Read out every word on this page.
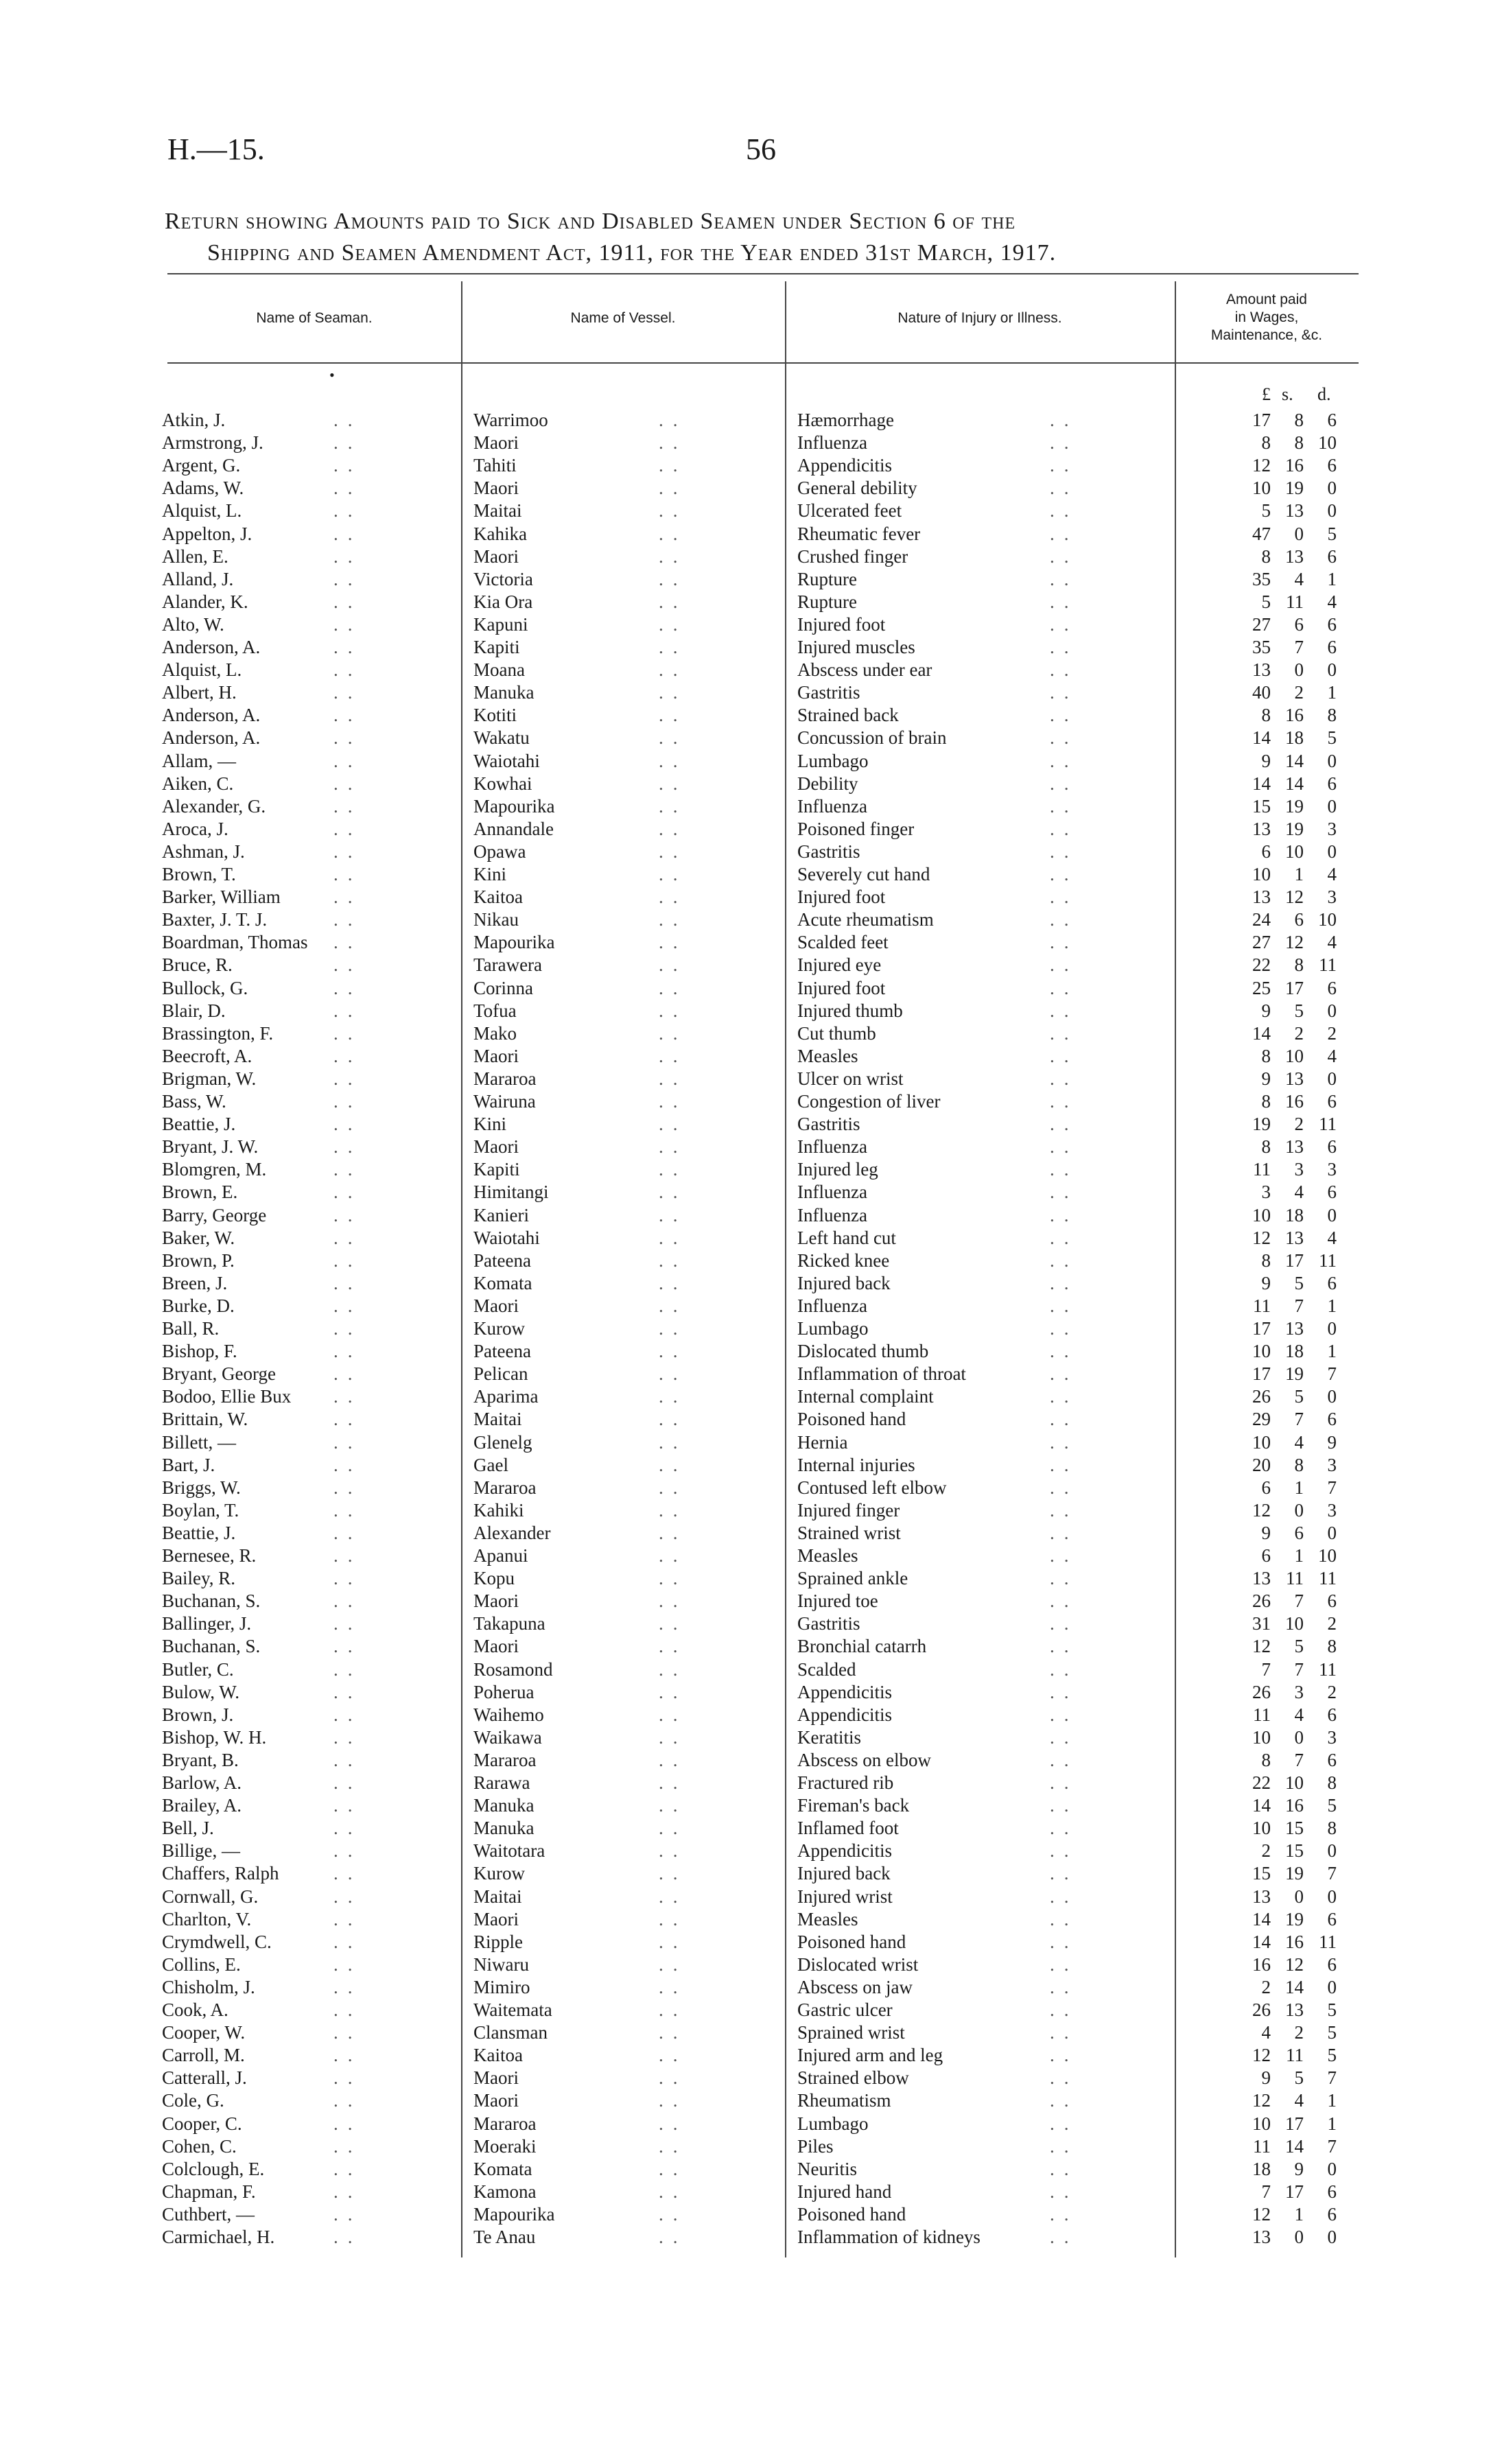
H.—15.	56
Return showing Amounts paid to Sick and Disabled Seamen under Section 6 of the
Shipping and Seamen Amendment Act, 1911, for the Year ended 31st March, 1917.
Name of Seaman.	Name of Vessel.	Nature of Injury or Illness.
Amount paid
in Wages,
Maintenance, &c.
•
£ s. d.
Atkin, J.	..	Warrimoo	..	Hæmorrhage	..	17	8	6
Armstrong, J.	..	Maori	..	Influenza	..	8	8 10
Argent, G.	..	Tahiti	..	Appendicitis	..	12 16	6
Adams, W.	..	Maori	..	General debility	..	10 19	0
Alquist, L.	..	Maitai	..	Ulcerated feet	..	5 13	0
Appelton, J.	..	Kahika	..	Rheumatic fever	..	47	0	5
Allen, E.	..	Maori	..	Crushed finger	..	8 13	6
Alland, J.	..	Victoria	..	Rupture	..	35	4	1
Alander, K.	..	Kia Ora	..	Rupture	..	5 11	4
Alto, W.	..	Kapuni	..	Injured foot	..	27	6	6
Anderson, A.	..	Kapiti	..	Injured muscles	..	35	7	6
Alquist, L.	..	Moana	..	Abscess under ear	..	13	0	0
Albert, H.	..	Manuka	..	Gastritis	..	40	2	1
Anderson, A.	..	Kotiti	..	Strained back	..	8 16	8
Anderson, A.	..	Wakatu	..	Concussion of brain	..	14 18	5
Allam, —	..	Waiotahi	..	Lumbago	..	9 14	0
Aiken, C.	..	Kowhai	..	Debility	..	14 14	6
Alexander, G.	..	Mapourika	..	Influenza	..	15 19	0
Aroca, J.	..	Annandale	..	Poisoned finger	..	13 19	3
Ashman, J.	..	Opawa	..	Gastritis	..	6 10	0
Brown, T.	..	Kini	..	Severely cut hand	..	10	1	4
Barker, William	..	Kaitoa	..	Injured foot	..	13 12	3
Baxter, J. T. J.	..	Nikau	..	Acute rheumatism	..	24	6 10
Boardman, Thomas ..	Mapourika	..	Scalded feet	..	27 12	4
Bruce, R.	..	Tarawera	..	Injured eye	..	22	8 11
Bullock, G.	..	Corinna	..	Injured foot	..	25 17	6
Blair, D.	..	Tofua	..	Injured thumb	..	9	5	0
Brassington, F.	..	Mako	..	Cut thumb	..	14	2	2
Beecroft, A.	..	Maori	..	Measles	..	8 10	4
Brigman, W.	..	Mararoa	..	Ulcer on wrist	..	9 13	0
Bass, W.	..	Wairuna	..	Congestion of liver	..	8 16	6
Beattie, J.	..	Kini	..	Gastritis	..	19	2 11
Bryant, J. W.	..	Maori	..	Influenza	..	8 13	6
Blomgren, M.	..	Kapiti	..	Injured leg	..	11	3	3
Brown, E.	..	Himitangi	..	Influenza	..	3	4	6
Barry, George	..	Kanieri	..	Influenza	..	10 18	0
Baker, W.	..	Waiotahi	..	Left hand cut	..	12 13	4
Brown, P.	..	Pateena	..	Ricked knee	..	8 17 11
Breen, J.	..	Komata	..	Injured back	..	9	5	6
Burke, D.	..	Maori	..	Influenza	..	11	7	1
Ball, R.	..	Kurow	..	Lumbago	..	17 13	0
Bishop, F.	..	Pateena	..	Dislocated thumb	..	10 18	1
Bryant, George	..	Pelican	..	Inflammation of throat	..	17 19	7
Bodoo, Ellie Bux ..	Aparima	..	Internal complaint	..	26	5	0
Brittain, W.	..	Maitai	..	Poisoned hand	..	29	7	6
Billett, —	..	Glenelg	..	Hernia	..	10	4	9
Bart, J.	..	Gael	..	Internal injuries	..	20	8	3
Briggs, W.	..	Mararoa	..	Contused left elbow	..	6	1	7
Boylan, T.	..	Kahiki	..	Injured finger	..	12	0	3
Beattie, J.	..	Alexander	..	Strained wrist	..	9	6	0
Bernesee, R.	..	Apanui	..	Measles	..	6	1 10
Bailey, R.	..	Kopu	..	Sprained ankle	..	13 11 11
Buchanan, S.	..	Maori	..	Injured toe	..	26	7	6
Ballinger, J.	..	Takapuna	..	Gastritis	..	31 10	2
Buchanan, S.	..	Maori	..	Bronchial catarrh	..	12	5	8
Butler, C.	..	Rosamond	..	Scalded	..	7	7 11
Bulow, W.	..	Poherua	..	Appendicitis	..	26	3	2
Brown, J.	..	Waihemo	..	Appendicitis	..	11	4	6
Bishop, W. H.	..	Waikawa	..	Keratitis	..	10	0	3
Bryant, B.	..	Mararoa	..	Abscess on elbow	..	8	7	6
Barlow, A.	..	Rarawa	..	Fractured rib	..	22 10	8
Brailey, A.	..	Manuka	..	Fireman's back	..	14 16	5
Bell, J.	..	Manuka	..	Inflamed foot	..	10 15	8
Billige, —	..	Waitotara	..	Appendicitis	..	2 15	0
Chaffers, Ralph	..	Kurow	..	Injured back	..	15 19	7
Cornwall, G.	..	Maitai	..	Injured wrist	..	13	0	0
Charlton, V.	..	Maori	..	Measles	..	14 19	6
Crymdwell, C.	..	Ripple	..	Poisoned hand	..	14 16 11
Collins, E.	..	Niwaru	..	Dislocated wrist	..	16 12	6
Chisholm, J.	..	Mimiro	..	Abscess on jaw	..	2 14	0
Cook, A.	..	Waitemata	..	Gastric ulcer	..	26 13	5
Cooper, W.	..	Clansman	..	Sprained wrist	..	4	2	5
Carroll, M.	..	Kaitoa	..	Injured arm and leg	..	12 11	5
Catterall, J.	..	Maori	..	Strained elbow	..	9	5	7
Cole, G.	..	Maori	..	Rheumatism	..	12	4	1
Cooper, C.	..	Mararoa	..	Lumbago	..	10 17	1
Cohen, C.	..	Moeraki	..	Piles	..	11 14	7
Colclough, E.	..	Komata	..	Neuritis	..	18	9	0
Chapman, F.	..	Kamona	..	Injured hand	..	7 17	6
Cuthbert, —	..	Mapourika	..	Poisoned hand	..	12	1	6
Carmichael, H.	..	Te Anau	..	Inflammation of kidneys	..	13	0	0
